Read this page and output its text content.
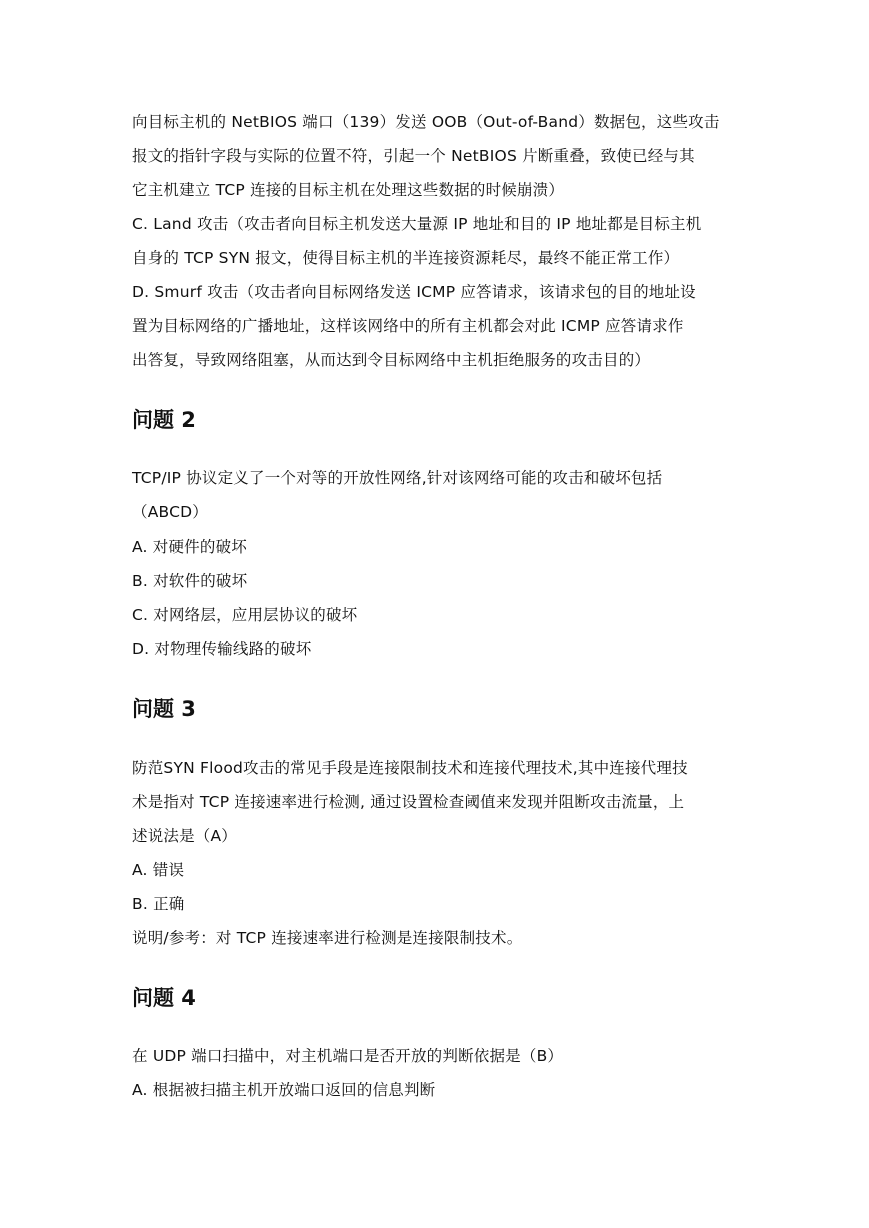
向目标主机的 NetBIOS 端口（139）发送 OOB（Out-of-Band）数据包，这些攻击
报文的指针字段与实际的位置不符，引起一个 NetBIOS 片断重叠，致使已经与其
它主机建立 TCP 连接的目标主机在处理这些数据的时候崩溃）
C. Land 攻击（攻击者向目标主机发送大量源 IP 地址和目的 IP 地址都是目标主机
自身的 TCP SYN 报文，使得目标主机的半连接资源耗尽，最终不能正常工作）
D. Smurf 攻击（攻击者向目标网络发送 ICMP 应答请求，该请求包的目的地址设
置为目标网络的广播地址，这样该网络中的所有主机都会对此 ICMP 应答请求作
出答复，导致网络阻塞，从而达到令目标网络中主机拒绝服务的攻击目的）
问题 2
TCP/IP 协议定义了一个对等的开放性网络,针对该网络可能的攻击和破坏包括
（ABCD）
A. 对硬件的破坏
B. 对软件的破坏
C. 对网络层，应用层协议的破坏
D. 对物理传输线路的破坏
问题 3
防范SYN Flood攻击的常见手段是连接限制技术和连接代理技术,其中连接代理技
术是指对 TCP 连接速率进行检测, 通过设置检查阈值来发现并阻断攻击流量，上
述说法是（A）
A. 错误
B. 正确
说明/参考：对 TCP 连接速率进行检测是连接限制技术。
问题 4
在 UDP 端口扫描中，对主机端口是否开放的判断依据是（B）
A. 根据被扫描主机开放端口返回的信息判断
